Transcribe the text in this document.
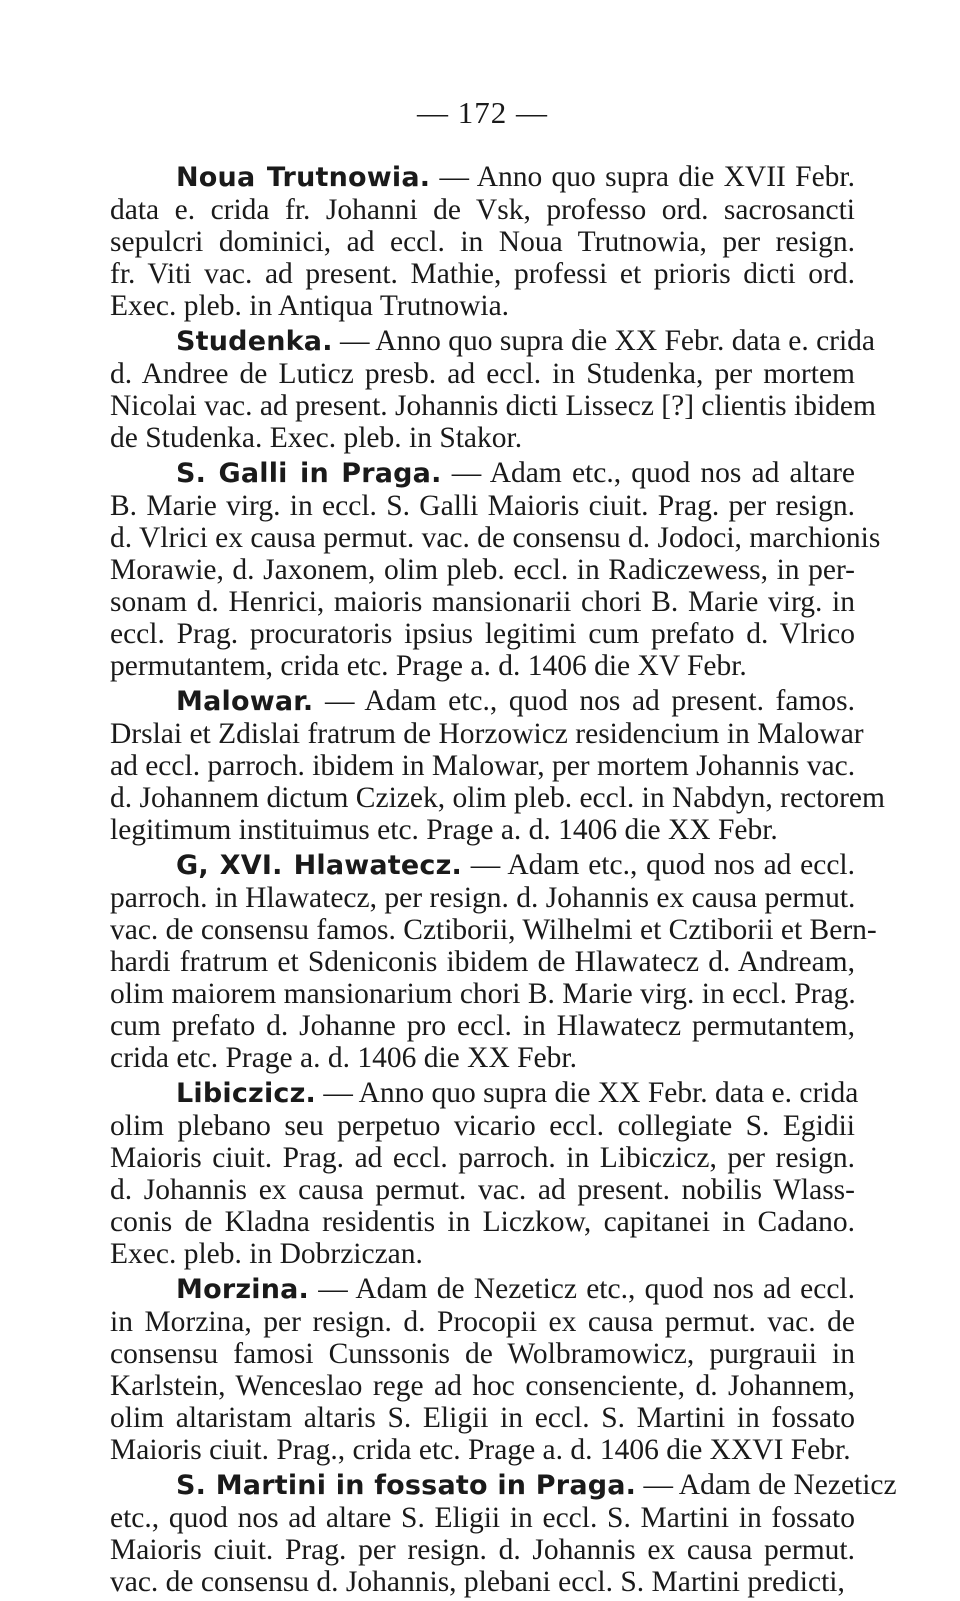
— 172 —
Noua Trutnowia. — Anno quo supra die XVII Febr.
data e. crida fr. Johanni de Vsk, professo ord. sacrosancti
sepulcri dominici, ad eccl. in Noua Trutnowia, per resign.
fr. Viti vac. ad present. Mathie, professi et prioris dicti ord.
Exec. pleb. in Antiqua Trutnowia.
Studenka. — Anno quo supra die XX Febr. data e. crida
d. Andree de Luticz presb. ad eccl. in Studenka, per mortem
Nicolai vac. ad present. Johannis dicti Lissecz [?] clientis ibidem
de Studenka. Exec. pleb. in Stakor.
S. Galli in Praga. — Adam etc., quod nos ad altare
B. Marie virg. in eccl. S. Galli Maioris ciuit. Prag. per resign.
d. Vlrici ex causa permut. vac. de consensu d. Jodoci, marchionis
Morawie, d. Jaxonem, olim pleb. eccl. in Radiczewess, in per-
sonam d. Henrici, maioris mansionarii chori B. Marie virg. in
eccl. Prag. procuratoris ipsius legitimi cum prefato d. Vlrico
permutantem, crida etc. Prage a. d. 1406 die XV Febr.
Malowar. — Adam etc., quod nos ad present. famos.
Drslai et Zdislai fratrum de Horzowicz residencium in Malowar
ad eccl. parroch. ibidem in Malowar, per mortem Johannis vac.
d. Johannem dictum Czizek, olim pleb. eccl. in Nabdyn, rectorem
legitimum instituimus etc. Prage a. d. 1406 die XX Febr.
G, XVI. Hlawatecz. — Adam etc., quod nos ad eccl.
parroch. in Hlawatecz, per resign. d. Johannis ex causa permut.
vac. de consensu famos. Cztiborii, Wilhelmi et Cztiborii et Bern-
hardi fratrum et Sdeniconis ibidem de Hlawatecz d. Andream,
olim maiorem mansionarium chori B. Marie virg. in eccl. Prag.
cum prefato d. Johanne pro eccl. in Hlawatecz permutantem,
crida etc. Prage a. d. 1406 die XX Febr.
Libiczicz. — Anno quo supra die XX Febr. data e. crida
olim plebano seu perpetuo vicario eccl. collegiate S. Egidii
Maioris ciuit. Prag. ad eccl. parroch. in Libiczicz, per resign.
d. Johannis ex causa permut. vac. ad present. nobilis Wlass-
conis de Kladna residentis in Liczkow, capitanei in Cadano.
Exec. pleb. in Dobrziczan.
Morzina. — Adam de Nezeticz etc., quod nos ad eccl.
in Morzina, per resign. d. Procopii ex causa permut. vac. de
consensu famosi Cunssonis de Wolbramowicz, purgrauii in
Karlstein, Wenceslao rege ad hoc consenciente, d. Johannem,
olim altaristam altaris S. Eligii in eccl. S. Martini in fossato
Maioris ciuit. Prag., crida etc. Prage a. d. 1406 die XXVI Febr.
S. Martini in fossato in Praga. — Adam de Nezeticz
etc., quod nos ad altare S. Eligii in eccl. S. Martini in fossato
Maioris ciuit. Prag. per resign. d. Johannis ex causa permut.
vac. de consensu d. Johannis, plebani eccl. S. Martini predicti,
